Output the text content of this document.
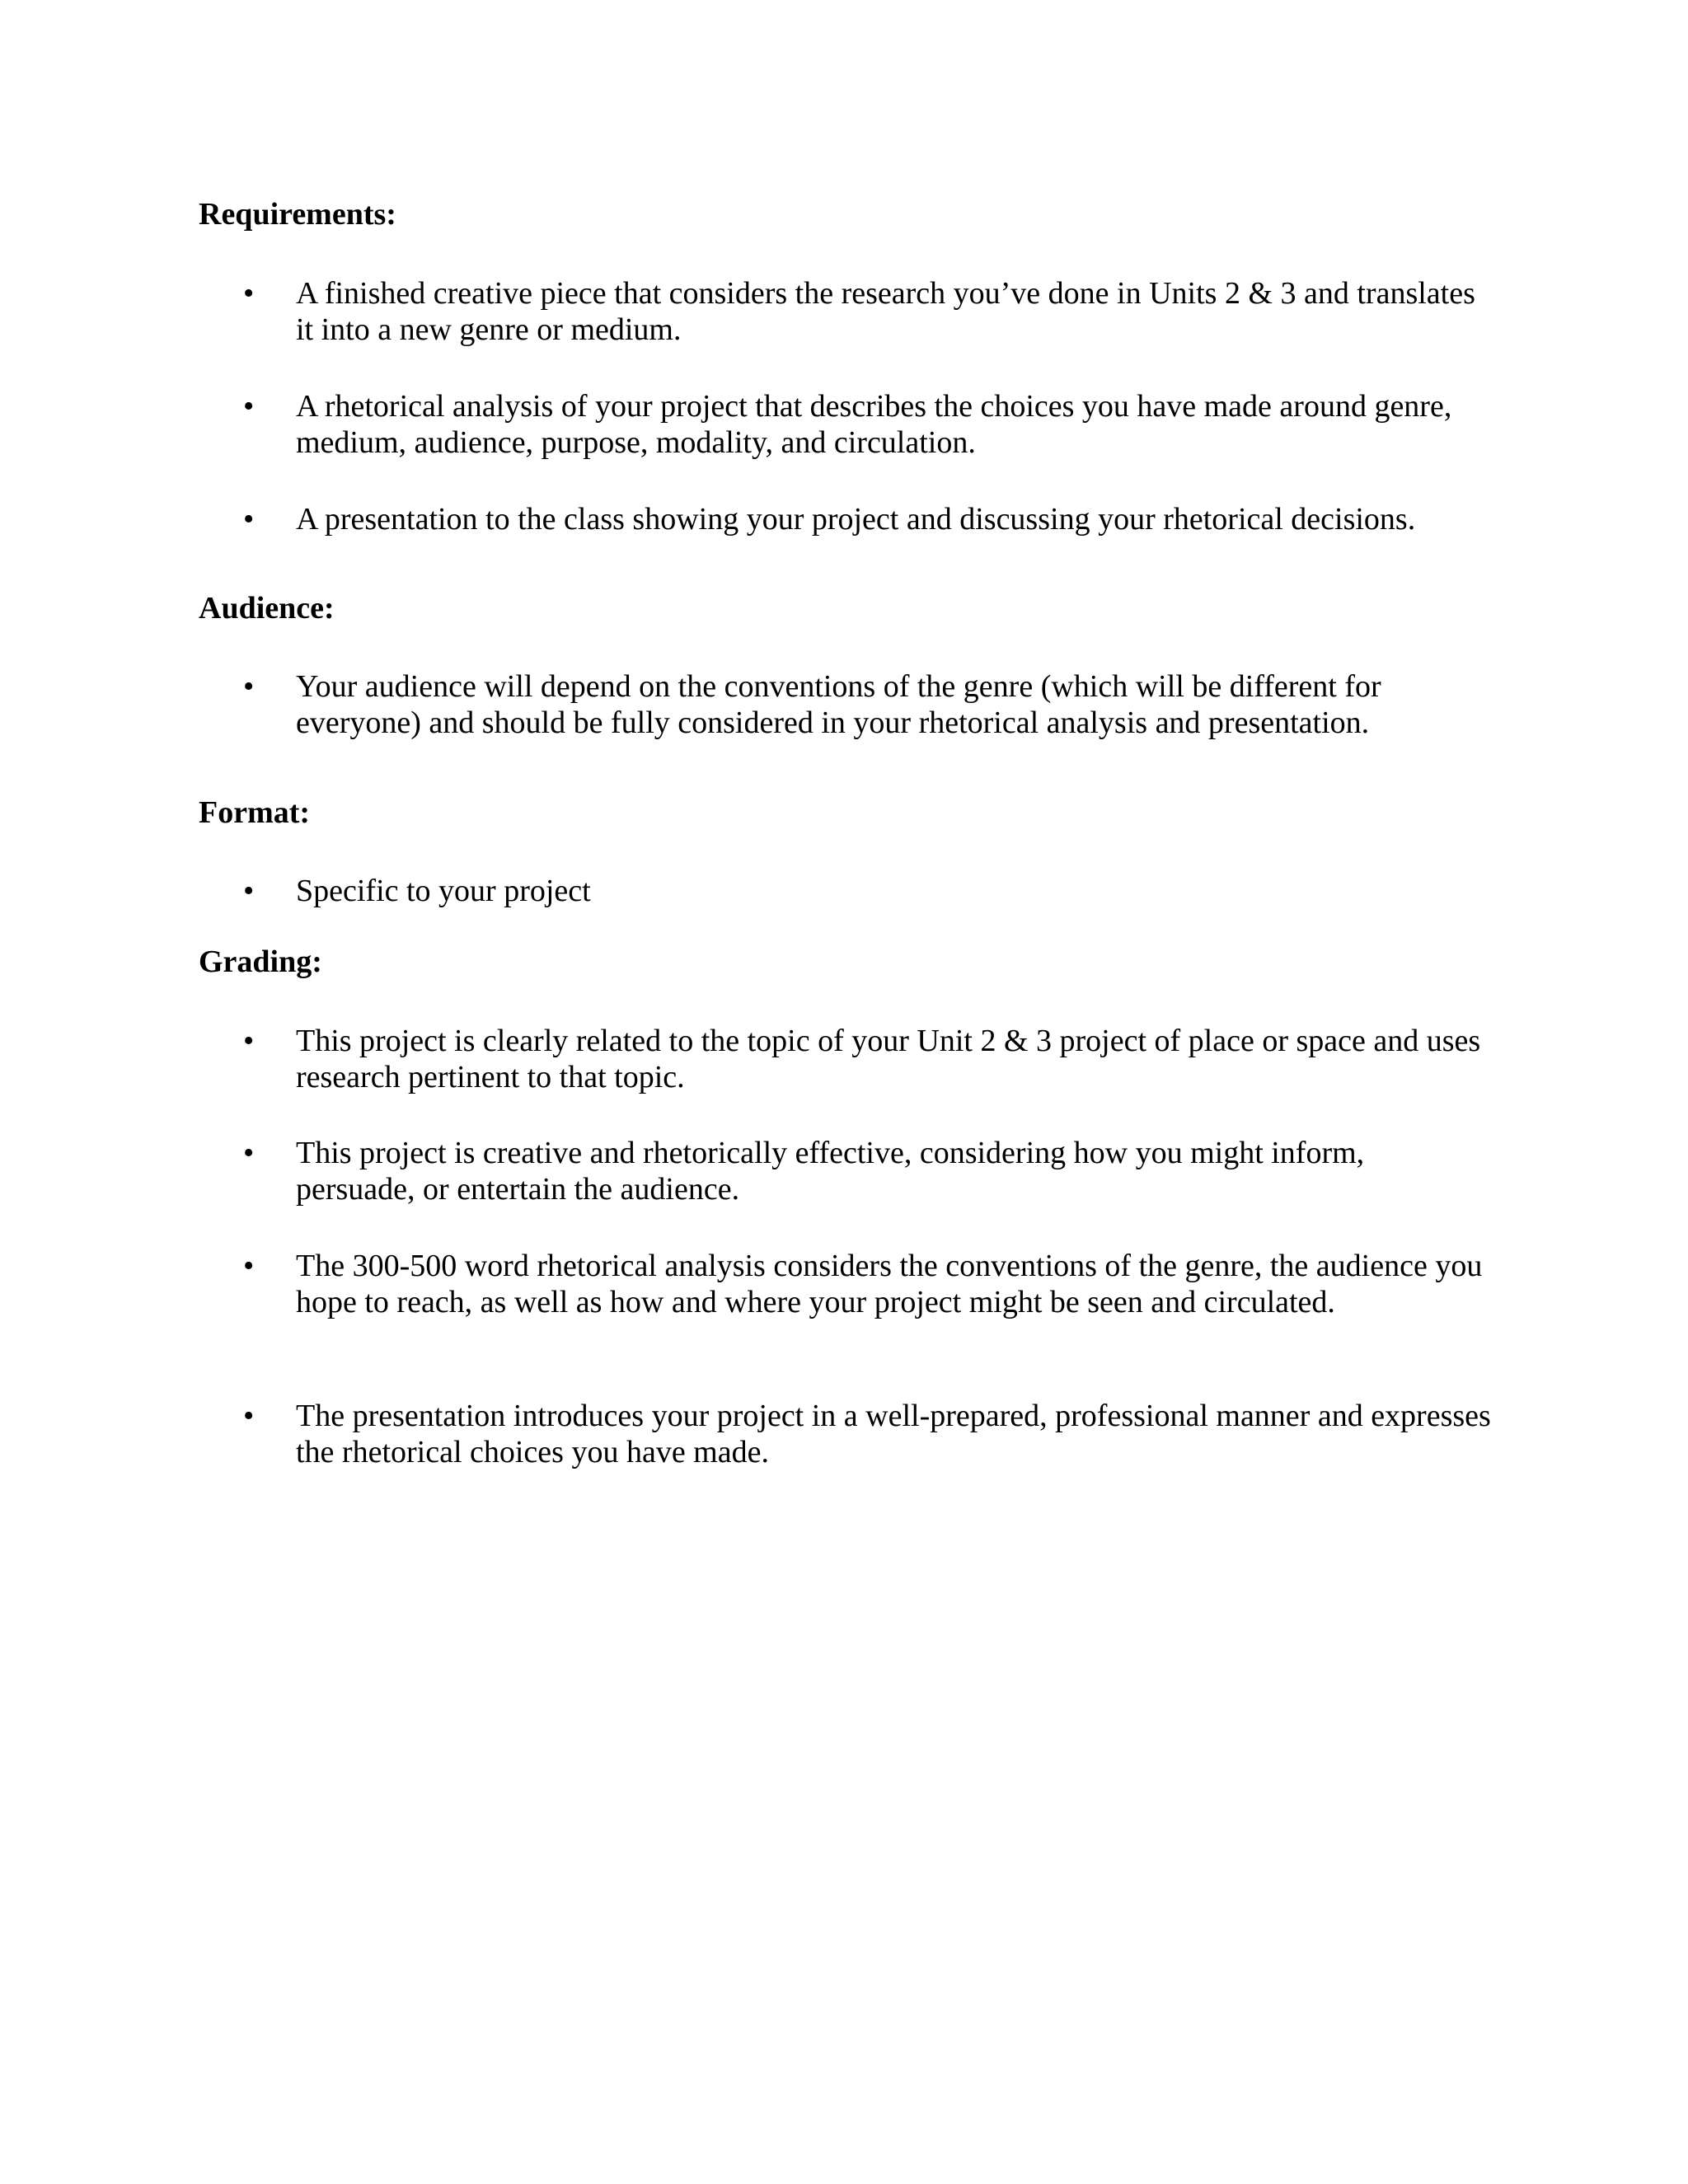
Requirements:
• A finished creative piece that considers the research you’ve done in Units 2 & 3 and translates it into a new genre or medium.

• A rhetorical analysis of your project that describes the choices you have made around genre, medium, audience, purpose, modality, and circulation.

• A presentation to the class showing your project and discussing your rhetorical decisions.

Audience:
• Your audience will depend on the conventions of the genre (which will be different for everyone) and should be fully considered in your rhetorical analysis and presentation.

Format:
• Specific to your project

Grading:
• This project is clearly related to the topic of your Unit 2 & 3 project of place or space and uses research pertinent to that topic.

• This project is creative and rhetorically effective, considering how you might inform, persuade, or entertain the audience.

• The 300-500 word rhetorical analysis considers the conventions of the genre, the audience you hope to reach, as well as how and where your project might be seen and circulated.

• The presentation introduces your project in a well-prepared, professional manner and expresses the rhetorical choices you have made.
